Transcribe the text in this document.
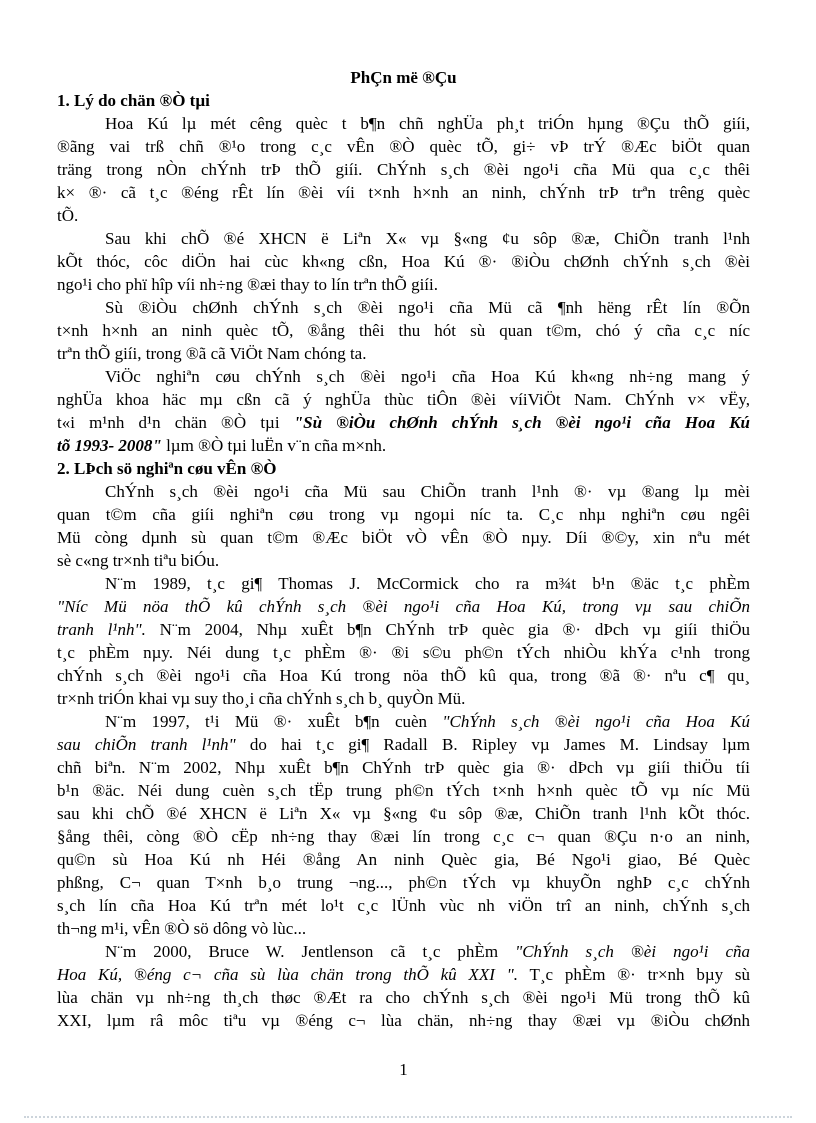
PhÇn më ®Çu
1. Lý do chän ®Ò tµi
Hoa Kú lµ mét cêng quèc t b¶n chñ nghÜa ph¸t triÓn hµng ®Çu thÕ giíi,
®ãng vai trß chñ ®¹o trong c¸c vÊn ®Ò quèc tÕ, gi÷ vÞ trÝ ®Æc biÖt quan
träng trong nÒn chÝnh trÞ thÕ giíi. ChÝnh s¸ch ®èi ngo¹i cña Mü qua c¸c thêi
k× ®· cã t¸c ®éng rÊt lín ®èi víi t×nh h×nh an ninh, chÝnh trÞ trªn trêng quèc
tÕ.
Sau khi chÕ ®é XHCN ë Liªn X« vµ §«ng ¢u sôp ®æ, ChiÕn tranh l¹nh
kÕt thóc, côc diÖn hai cùc kh«ng cßn, Hoa Kú ®· ®iÒu chØnh chÝnh s¸ch ®èi
ngo¹i cho phï hîp víi nh÷ng ®æi thay to lín trªn thÕ giíi.
Sù ®iÒu chØnh chÝnh s¸ch ®èi ngo¹i cña Mü cã ¶nh hëng rÊt lín ®Õn
t×nh h×nh an ninh quèc tÕ, ®ång thêi thu hót sù quan t©m, chó ý cña c¸c níc
trªn thÕ giíi, trong ®ã cã ViÖt Nam chóng ta.
ViÖc nghiªn cøu chÝnh s¸ch ®èi ngo¹i cña Hoa Kú kh«ng nh÷ng mang ý
nghÜa khoa häc mµ cßn cã ý nghÜa thùc tiÔn ®èi víiViÖt Nam. ChÝnh v× vËy,
t«i m¹nh d¹n chän ®Ò tµi "Sù ®iÒu chØnh chÝnh s¸ch ®èi ngo¹i cña Hoa Kú
tõ 1993- 2008" lµm ®Ò tµi luËn v¨n cña m×nh.
2. LÞch sö nghiªn cøu vÊn ®Ò
ChÝnh s¸ch ®èi ngo¹i cña Mü sau ChiÕn tranh l¹nh ®· vµ ®ang lµ mèi
quan t©m cña giíi nghiªn cøu trong vµ ngoµi níc ta. C¸c nhµ nghiªn cøu ngêi
Mü còng dµnh sù quan t©m ®Æc biÖt vÒ vÊn ®Ò nµy. Díi ®©y, xin nªu mét
sè c«ng tr×nh tiªu biÓu.
N¨m 1989, t¸c gi¶ Thomas J. McCormick cho ra m¾t b¹n ®äc t¸c phÈm
"Níc Mü nöa thÕ kû chÝnh s¸ch ®èi ngo¹i cña Hoa Kú, trong vµ sau chiÕn
tranh l¹nh". N¨m 2004, Nhµ xuÊt b¶n ChÝnh trÞ quèc gia ®· dÞch vµ giíi thiÖu
t¸c phÈm nµy. Néi dung t¸c phÈm ®· ®i s©u ph©n tÝch nhiÒu khÝa c¹nh trong
chÝnh s¸ch ®èi ngo¹i cña Hoa Kú trong nöa thÕ kû qua, trong ®ã ®· nªu c¶ qu¸
tr×nh triÓn khai vµ suy tho¸i cña chÝnh s¸ch b¸ quyÒn Mü.
N¨m 1997, t¹i Mü ®· xuÊt b¶n cuèn "ChÝnh s¸ch ®èi ngo¹i cña Hoa Kú
sau chiÕn tranh l¹nh" do hai t¸c gi¶ Radall B. Ripley vµ James M. Lindsay lµm
chñ biªn. N¨m 2002, Nhµ xuÊt b¶n ChÝnh trÞ quèc gia ®· dÞch vµ giíi thiÖu tíi
b¹n ®äc. Néi dung cuèn s¸ch tËp trung ph©n tÝch t×nh h×nh quèc tÕ vµ níc Mü
sau khi chÕ ®é XHCN ë Liªn X« vµ §«ng ¢u sôp ®æ, ChiÕn tranh l¹nh kÕt thóc.
§ång thêi, còng ®Ò cËp nh÷ng thay ®æi lín trong c¸c c¬ quan ®Çu n·o an ninh,
qu©n sù Hoa Kú nh Héi ®ång An ninh Quèc gia, Bé Ngo¹i giao, Bé Quèc
phßng, C¬ quan T×nh b¸o trung ¬ng..., ph©n tÝch vµ khuyÕn nghÞ c¸c chÝnh
s¸ch lín cña Hoa Kú trªn mét lo¹t c¸c lÜnh vùc nh viÖn trî an ninh, chÝnh s¸ch
th¬ng m¹i, vÊn ®Ò sö dông vò lùc...
N¨m 2000, Bruce W. Jentlenson cã t¸c phÈm "ChÝnh s¸ch ®èi ngo¹i cña
Hoa Kú, ®éng c¬ cña sù lùa chän trong thÕ kû XXI ". T¸c phÈm ®· tr×nh bµy sù
lùa chän vµ nh÷ng th¸ch thøc ®Æt ra cho chÝnh s¸ch ®èi ngo¹i Mü trong thÕ kû
XXI, lµm râ môc tiªu vµ ®éng c¬ lùa chän, nh÷ng thay ®æi vµ ®iÒu chØnh
1
